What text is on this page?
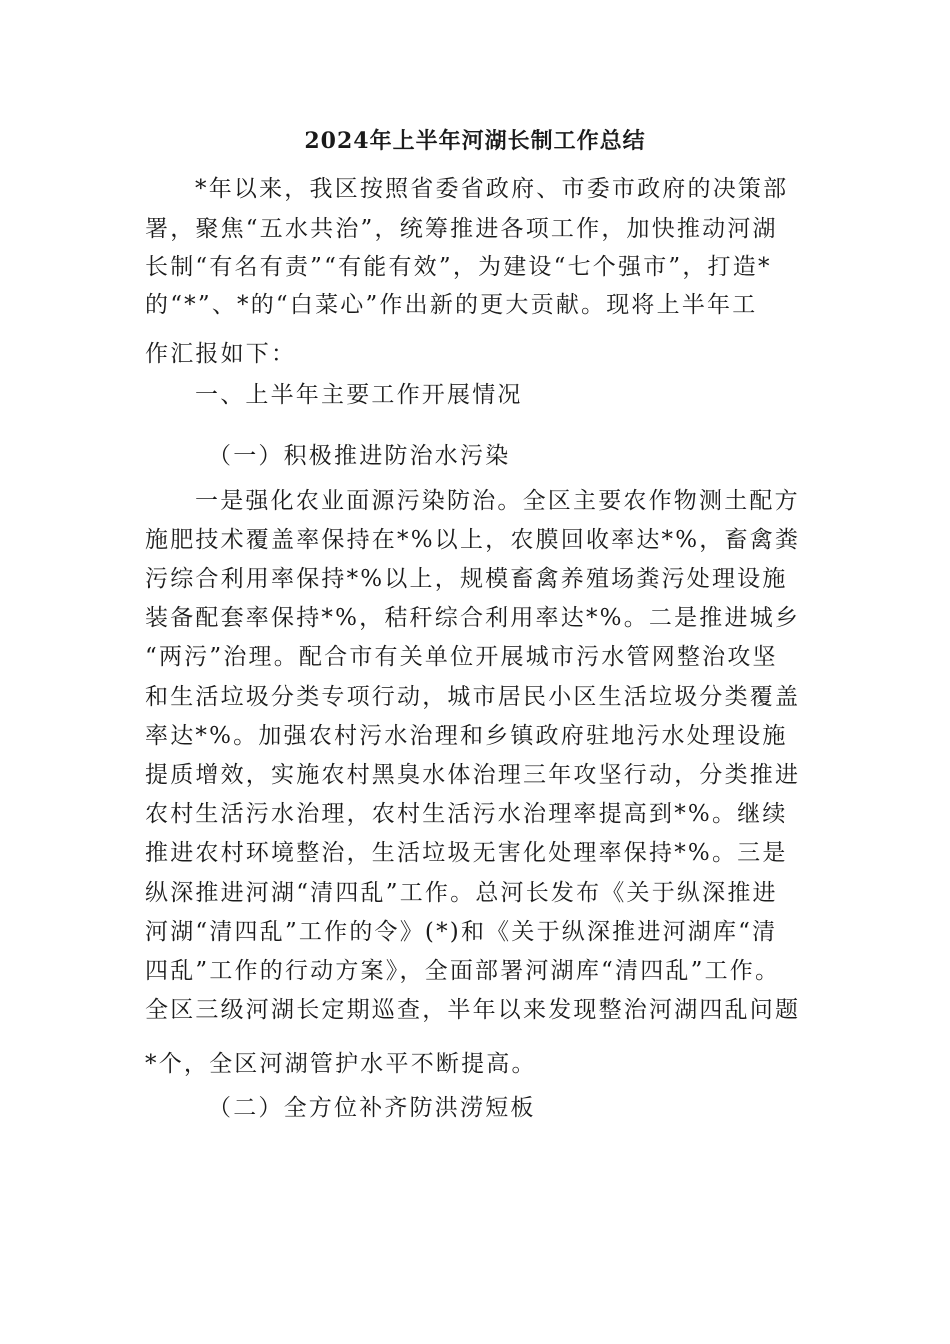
2024年上半年河湖长制工作总结
*年以来，我区按照省委省政府、市委市政府的决策部
署，聚焦“五水共治”，统筹推进各项工作，加快推动河湖
长制“有名有责”“有能有效”，为建设“七个强市”，打造*
的“*”、*的“白菜心”作出新的更大贡献。现将上半年工
作汇报如下：
一、上半年主要工作开展情况
（一）积极推进防治水污染
一是强化农业面源污染防治。全区主要农作物测土配方
施肥技术覆盖率保持在*%以上，农膜回收率达*%，畜禽粪
污综合利用率保持*%以上，规模畜禽养殖场粪污处理设施
装备配套率保持*%，秸秆综合利用率达*%。二是推进城乡
“两污”治理。配合市有关单位开展城市污水管网整治攻坚
和生活垃圾分类专项行动，城市居民小区生活垃圾分类覆盖
率达*%。加强农村污水治理和乡镇政府驻地污水处理设施
提质增效，实施农村黑臭水体治理三年攻坚行动，分类推进
农村生活污水治理，农村生活污水治理率提高到*%。继续
推进农村环境整治，生活垃圾无害化处理率保持*%。三是
纵深推进河湖“清四乱”工作。总河长发布《关于纵深推进
河湖“清四乱”工作的令》(*)和《关于纵深推进河湖库“清
四乱”工作的行动方案》，全面部署河湖库“清四乱”工作。
全区三级河湖长定期巡查，半年以来发现整治河湖四乱问题
*个，全区河湖管护水平不断提高。
（二）全方位补齐防洪涝短板
